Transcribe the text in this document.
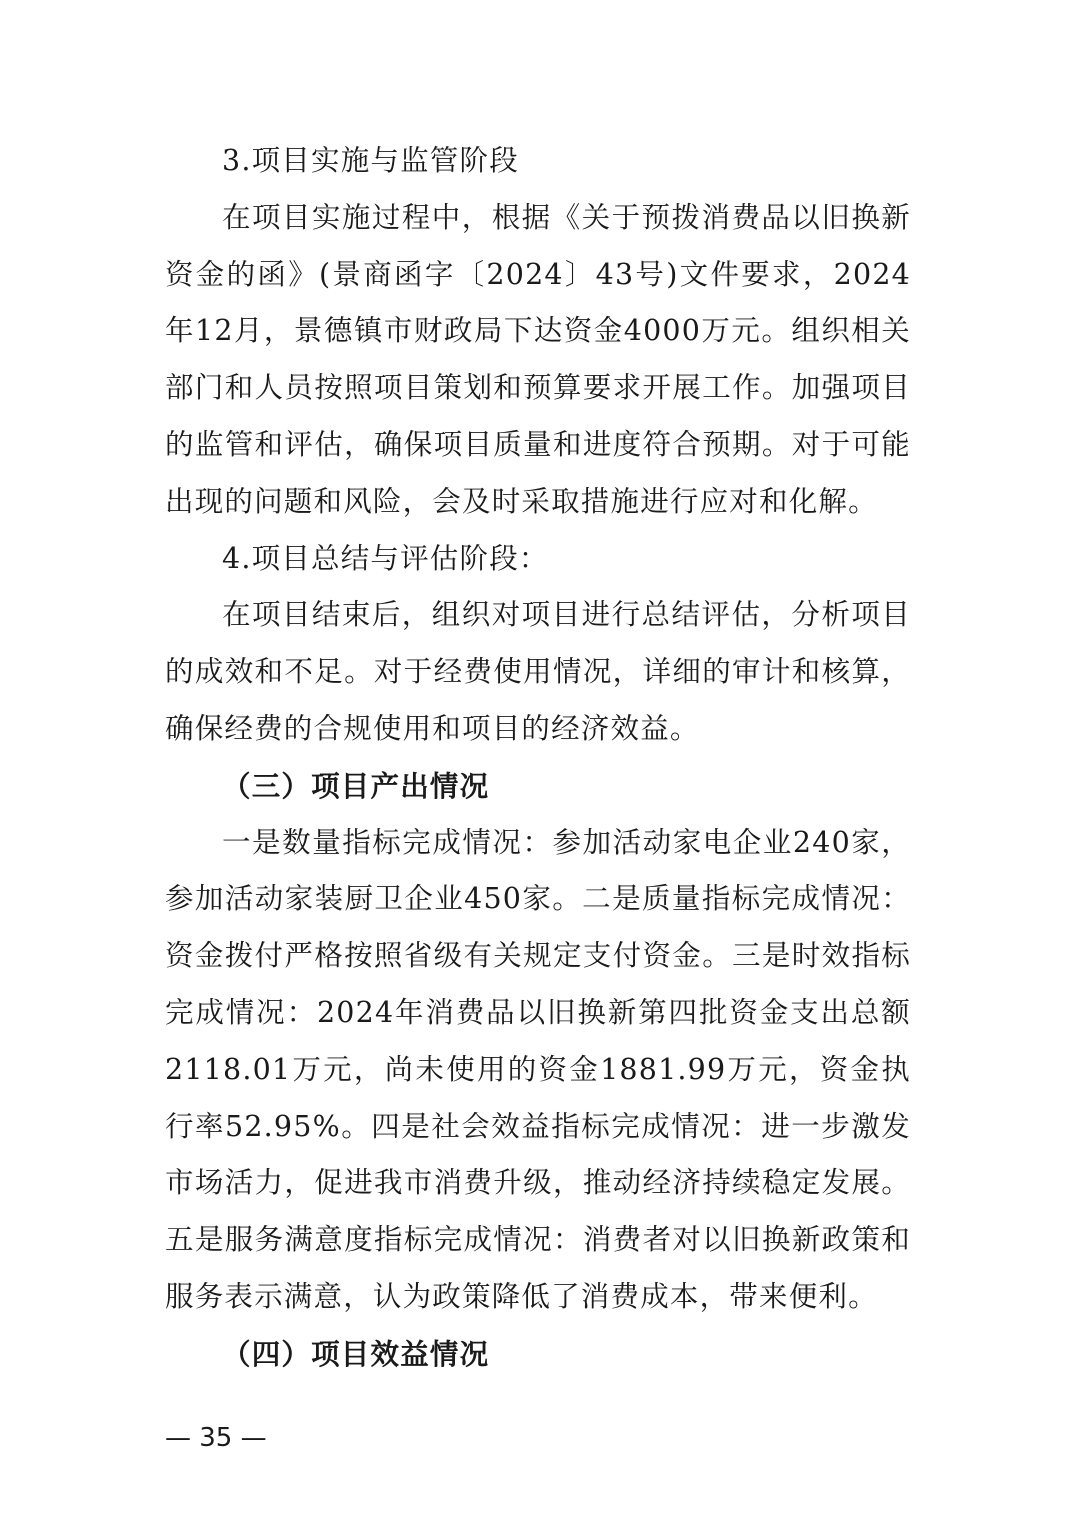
3.项目实施与监管阶段

在项目实施过程中，根据《关于预拨消费品以旧换新资金的函》(景商函字〔2024〕43号)文件要求，2024年12月，景德镇市财政局下达资金4000万元。组织相关部门和人员按照项目策划和预算要求开展工作。加强项目的监管和评估，确保项目质量和进度符合预期。对于可能出现的问题和风险，会及时采取措施进行应对和化解。

4.项目总结与评估阶段：

在项目结束后，组织对项目进行总结评估，分析项目的成效和不足。对于经费使用情况，详细的审计和核算，确保经费的合规使用和项目的经济效益。

（三）项目产出情况

一是数量指标完成情况：参加活动家电企业240家，参加活动家装厨卫企业450家。二是质量指标完成情况：资金拨付严格按照省级有关规定支付资金。三是时效指标完成情况：2024年消费品以旧换新第四批资金支出总额2118.01万元，尚未使用的资金1881.99万元，资金执行率52.95%。四是社会效益指标完成情况：进一步激发市场活力，促进我市消费升级，推动经济持续稳定发展。五是服务满意度指标完成情况：消费者对以旧换新政策和服务表示满意，认为政策降低了消费成本，带来便利。

（四）项目效益情况

— 35 —
